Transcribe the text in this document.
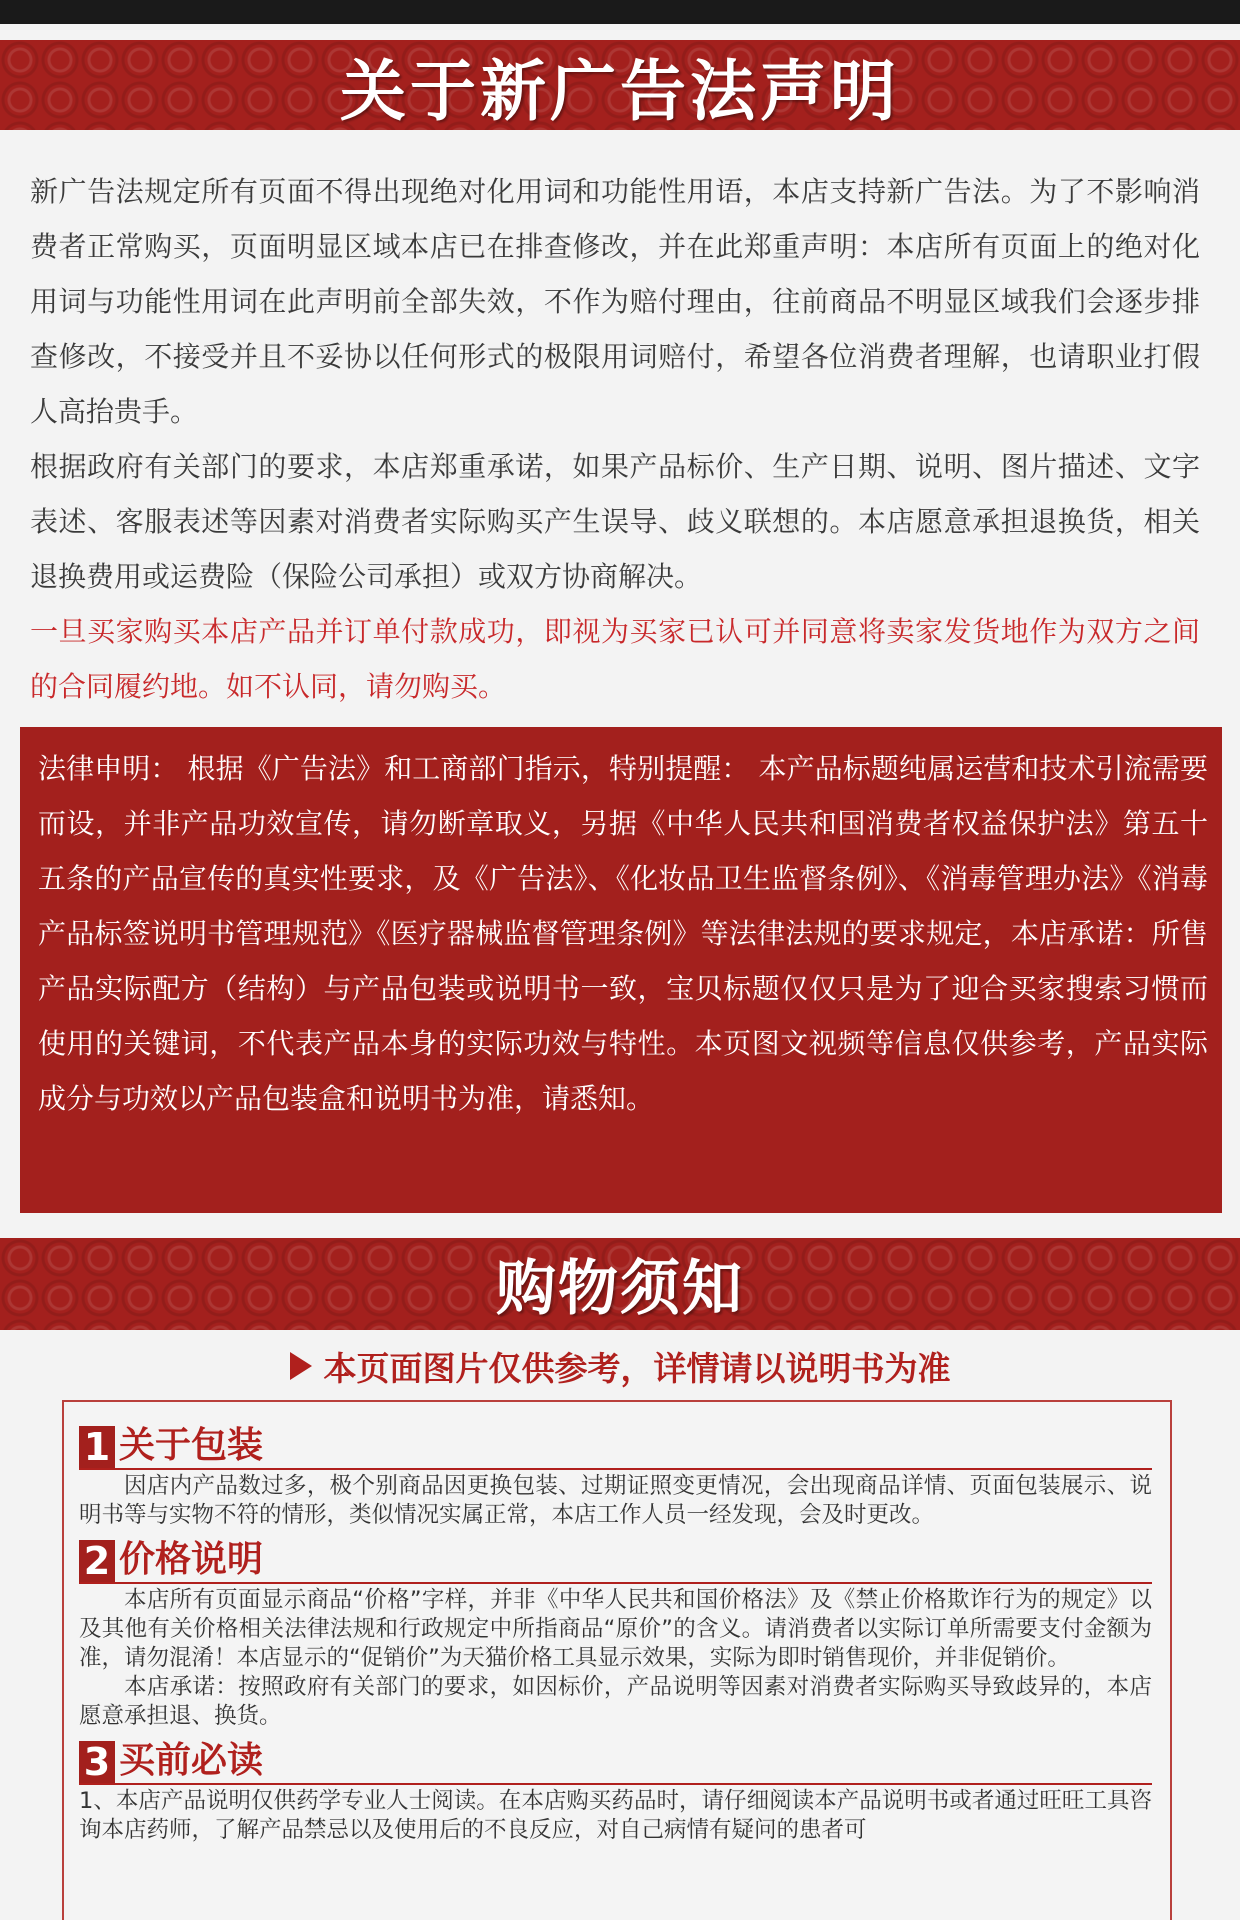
关于新广告法声明

新广告法规定所有页面不得出现绝对化用词和功能性用语，本店支持新广告法。为了不影响消费者正常购买，页面明显区域本店已在排查修改，并在此郑重声明：本店所有页面上的绝对化用词与功能性用词在此声明前全部失效，不作为赔付理由，往前商品不明显区域我们会逐步排查修改，不接受并且不妥协以任何形式的极限用词赔付，希望各位消费者理解，也请职业打假人高抬贵手。

根据政府有关部门的要求，本店郑重承诺，如果产品标价、生产日期、说明、图片描述、文字表述、客服表述等因素对消费者实际购买产生误导、歧义联想的。本店愿意承担退换货，相关退换费用或运费险（保险公司承担）或双方协商解决。

一旦买家购买本店产品并订单付款成功，即视为买家已认可并同意将卖家发货地作为双方之间的合同履约地。如不认同，请勿购买。

法律申明： 根据《广告法》和工商部门指示，特别提醒： 本产品标题纯属运营和技术引流需要而设，并非产品功效宣传，请勿断章取义，另据《中华人民共和国消费者权益保护法》第五十五条的产品宣传的真实性要求，及《广告法》、《化妆品卫生监督条例》、《消毒管理办法》《消毒产品标签说明书管理规范》《医疗器械监督管理条例》等法律法规的要求规定，本店承诺：所售产品实际配方（结构）与产品包装或说明书一致，宝贝标题仅仅只是为了迎合买家搜索习惯而使用的关键词，不代表产品本身的实际功效与特性。本页图文视频等信息仅供参考，产品实际成分与功效以产品包装盒和说明书为准，请悉知。

购物须知
本页面图片仅供参考，详情请以说明书为准
1 关于包装

因店内产品数过多，极个别商品因更换包装、过期证照变更情况，会出现商品详情、页面包装展示、说明书等与实物不符的情形，类似情况实属正常，本店工作人员一经发现，会及时更改。

2 价格说明

本店所有页面显示商品“价格”字样，并非《中华人民共和国价格法》及《禁止价格欺诈行为的规定》以及其他有关价格相关法律法规和行政规定中所指商品“原价”的含义。请消费者以实际订单所需要支付金额为准，请勿混淆！本店显示的“促销价”为天猫价格工具显示效果，实际为即时销售现价，并非促销价。

本店承诺：按照政府有关部门的要求，如因标价，产品说明等因素对消费者实际购买导致歧异的，本店愿意承担退、换货。

3 买前必读

1、本店产品说明仅供药学专业人士阅读。在本店购买药品时，请仔细阅读本产品说明书或者通过旺旺工具咨询本店药师，了解产品禁忌以及使用后的不良反应，对自己病情有疑问的患者可
